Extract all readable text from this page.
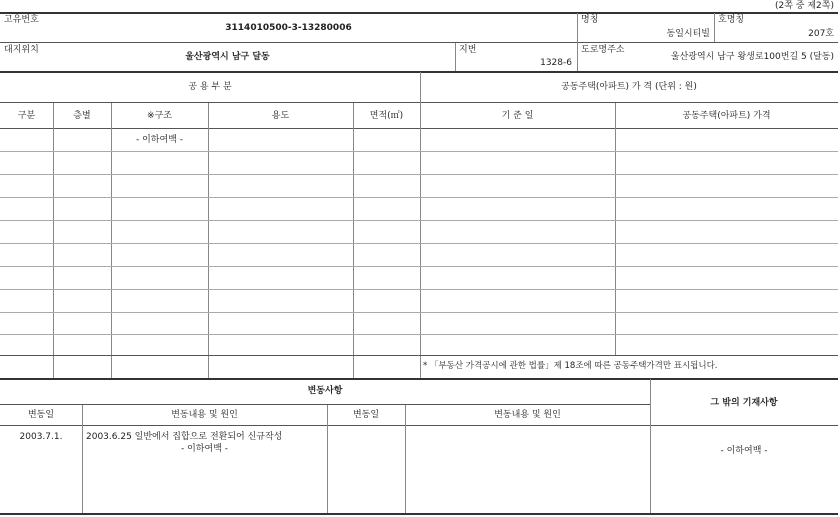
(2쪽 중 제2쪽)
고유번호
3114010500-3-13280006
명칭
동일시티빌
호명칭
207호
대지위치
울산광역시 남구 달동
지번
1328-6
도로명주소
울산광역시 남구 왕생로100번길 5 (달동)
공 용 부 분	공동주택(아파트) 가 격 (단위 : 원)
구분	층별	※구조	용도	면적(㎡)	기 준 일	공동주택(아파트) 가격
- 이하여백 -
* 「부동산 가격공시에 관한 법률」제 18조에 따른 공동주택가격만 표시됩니다.
변동사항
변동일	변동내용 및 원인	변동일	변동내용 및 원인
2003.7.1.	2003.6.25 일반에서 집합으로 전환되어 신규작성
- 이하여백 -
그 밖의 기재사항
- 이하여백 -
